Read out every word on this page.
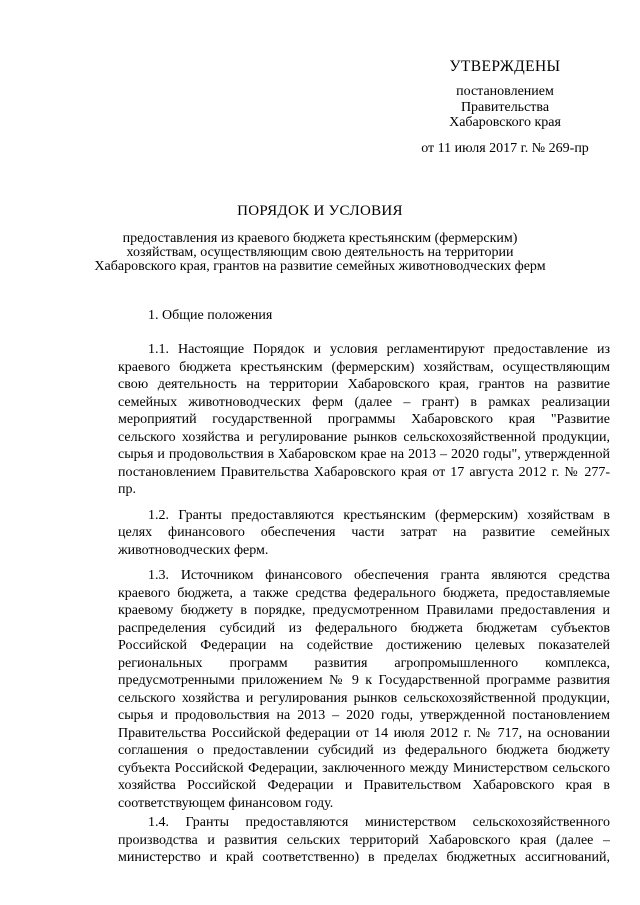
УТВЕРЖДЕНЫ
постановлением
Правительства
Хабаровского края
от 11 июля 2017 г. № 269-пр
ПОРЯДОК И УСЛОВИЯ
предоставления из краевого бюджета крестьянским (фермерским)
хозяйствам, осуществляющим свою деятельность на территории
Хабаровского края, грантов на развитие семейных животноводческих ферм
1. Общие положения

1.1. Настоящие Порядок и условия регламентируют предоставление из краевого бюджета крестьянским (фермерским) хозяйствам, осуществляющим свою деятельность на территории Хабаровского края, грантов на развитие семейных животноводческих ферм (далее – грант) в рамках реализации мероприятий государственной программы Хабаровского края "Развитие сельского хозяйства и регулирование рынков сельскохозяйственной продукции, сырья и продовольствия в Хабаровском крае на 2013 – 2020 годы", утвержденной постановлением Правительства Хабаровского края от 17 августа 2012 г. № 277-пр.

1.2. Гранты предоставляются крестьянским (фермерским) хозяйствам в целях финансового обеспечения части затрат на развитие семейных животноводческих ферм.

1.3. Источником финансового обеспечения гранта являются средства краевого бюджета, а также средства федерального бюджета, предоставляемые краевому бюджету в порядке, предусмотренном Правилами предоставления и распределения субсидий из федерального бюджета бюджетам субъектов Российской Федерации на содействие достижению целевых показателей региональных программ развития агропромышленного комплекса, предусмотренными приложением № 9 к Государственной программе развития сельского хозяйства и регулирования рынков сельскохозяйственной продукции, сырья и продовольствия на 2013 – 2020 годы, утвержденной постановлением Правительства Российской федерации от 14 июля 2012 г. № 717, на основании соглашения о предоставлении субсидий из федерального бюджета бюджету субъекта Российской Федерации, заключенного между Министерством сельского хозяйства Российской Федерации и Правительством Хабаровского края в соответствующем финансовом году.

1.4. Гранты предоставляются министерством сельскохозяйственного производства и развития сельских территорий Хабаровского края (далее – министерство и край соответственно) в пределах бюджетных ассигнований,
